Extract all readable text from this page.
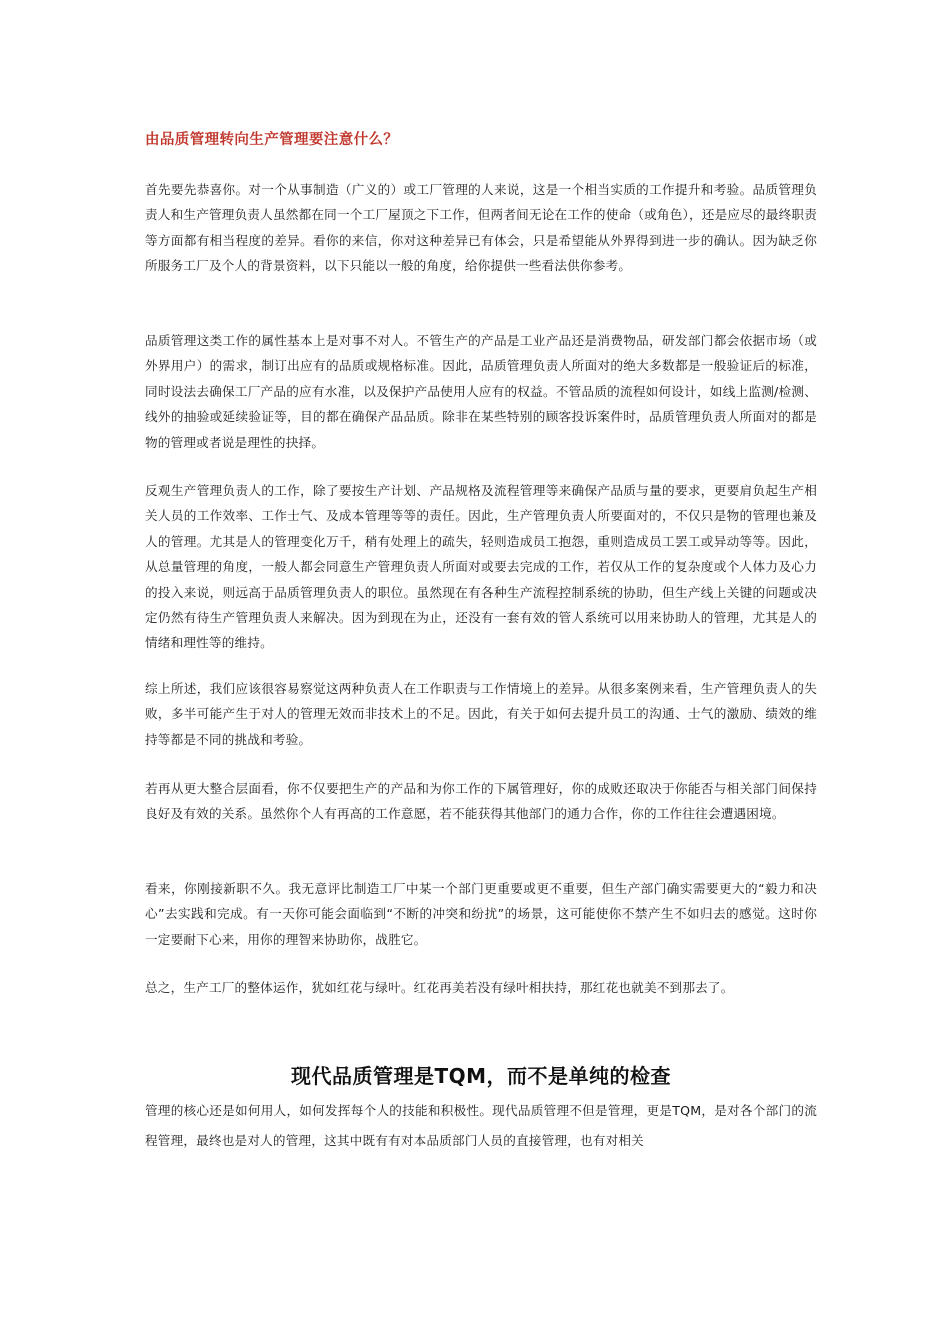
由品质管理转向生产管理要注意什么？

首先要先恭喜你。对一个从事制造（广义的）或工厂管理的人来说，这是一个相当实质的工作提升和考验。品质管理负责人和生产管理负责人虽然都在同一个工厂屋顶之下工作，但两者间无论在工作的使命（或角色），还是应尽的最终职责等方面都有相当程度的差异。看你的来信，你对这种差异已有体会，只是希望能从外界得到进一步的确认。因为缺乏你所服务工厂及个人的背景资料，以下只能以一般的角度，给你提供一些看法供你参考。

品质管理这类工作的属性基本上是对事不对人。不管生产的产品是工业产品还是消费物品，研发部门都会依据市场（或外界用户）的需求，制订出应有的品质或规格标准。因此，品质管理负责人所面对的绝大多数都是一般验证后的标准，同时设法去确保工厂产品的应有水准，以及保护产品使用人应有的权益。不管品质的流程如何设计，如线上监测/检测、线外的抽验或延续验证等，目的都在确保产品品质。除非在某些特别的顾客投诉案件时，品质管理负责人所面对的都是物的管理或者说是理性的抉择。

反观生产管理负责人的工作，除了要按生产计划、产品规格及流程管理等来确保产品质与量的要求，更要肩负起生产相关人员的工作效率、工作士气、及成本管理等等的责任。因此，生产管理负责人所要面对的，不仅只是物的管理也兼及人的管理。尤其是人的管理变化万千，稍有处理上的疏失，轻则造成员工抱怨，重则造成员工罢工或异动等等。因此，从总量管理的角度，一般人都会同意生产管理负责人所面对或要去完成的工作，若仅从工作的复杂度或个人体力及心力的投入来说，则远高于品质管理负责人的职位。虽然现在有各种生产流程控制系统的协助，但生产线上关键的问题或决定仍然有待生产管理负责人来解决。因为到现在为止，还没有一套有效的管人系统可以用来协助人的管理，尤其是人的情绪和理性等的维持。

综上所述，我们应该很容易察觉这两种负责人在工作职责与工作情境上的差异。从很多案例来看，生产管理负责人的失败，多半可能产生于对人的管理无效而非技术上的不足。因此，有关于如何去提升员工的沟通、士气的激励、绩效的维持等都是不同的挑战和考验。

若再从更大整合层面看，你不仅要把生产的产品和为你工作的下属管理好，你的成败还取决于你能否与相关部门间保持良好及有效的关系。虽然你个人有再高的工作意愿，若不能获得其他部门的通力合作，你的工作往往会遭遇困境。

看来，你刚接新职不久。我无意评比制造工厂中某一个部门更重要或更不重要，但生产部门确实需要更大的“毅力和决心”去实践和完成。有一天你可能会面临到“不断的冲突和纷扰”的场景，这可能使你不禁产生不如归去的感觉。这时你一定要耐下心来，用你的理智来协助你，战胜它。

总之，生产工厂的整体运作，犹如红花与绿叶。红花再美若没有绿叶相扶持，那红花也就美不到那去了。

现代品质管理是TQM，而不是单纯的检查

管理的核心还是如何用人，如何发挥每个人的技能和积极性。现代品质管理不但是管理，更是TQM，是对各个部门的流程管理，最终也是对人的管理，这其中既有有对本品质部门人员的直接管理，也有对相关
